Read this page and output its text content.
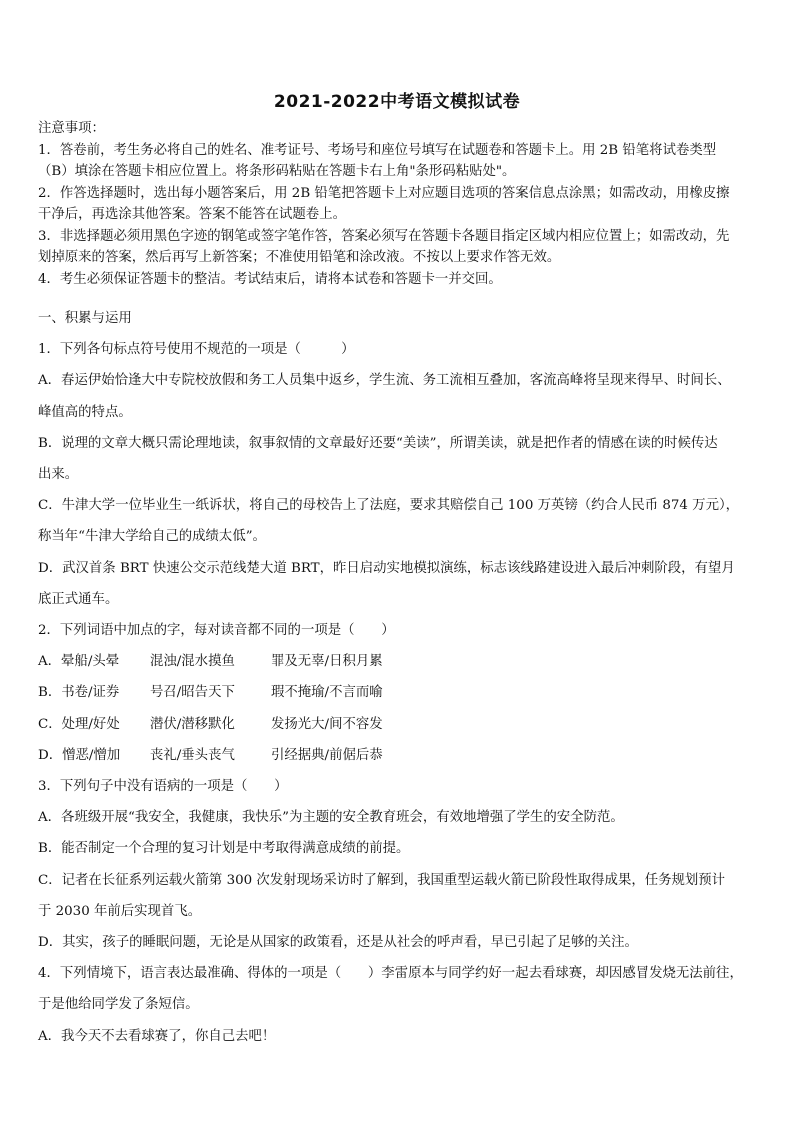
2021-2022中考语文模拟试卷
注意事项：
1．答卷前，考生务必将自己的姓名、准考证号、考场号和座位号填写在试题卷和答题卡上。用 2B 铅笔将试卷类型
（B）填涂在答题卡相应位置上。将条形码粘贴在答题卡右上角"条形码粘贴处"。
2．作答选择题时，选出每小题答案后，用 2B 铅笔把答题卡上对应题目选项的答案信息点涂黑；如需改动，用橡皮擦
干净后，再选涂其他答案。答案不能答在试题卷上。
3．非选择题必须用黑色字迹的钢笔或签字笔作答，答案必须写在答题卡各题目指定区域内相应位置上；如需改动，先
划掉原来的答案，然后再写上新答案；不准使用铅笔和涂改液。不按以上要求作答无效。
4．考生必须保证答题卡的整洁。考试结束后，请将本试卷和答题卡一并交回。
一、积累与运用
1．下列各句标点符号使用不规范的一项是（　　　）
A．春运伊始恰逢大中专院校放假和务工人员集中返乡，学生流、务工流相互叠加，客流高峰将呈现来得早、时间长、
峰值高的特点。
B．说理的文章大概只需论理地读，叙事叙情的文章最好还要“美读”，所谓美读，就是把作者的情感在读的时候传达
出来。
C．牛津大学一位毕业生一纸诉状，将自己的母校告上了法庭，要求其赔偿自己 100 万英镑（约合人民币 874 万元），
称当年“牛津大学给自己的成绩太低”。
D．武汉首条 BRT 快速公交示范线楚大道 BRT，昨日启动实地模拟演练，标志该线路建设进入最后冲刺阶段，有望月
底正式通车。
2．下列词语中加点的字，每对读音都不同的一项是（　　）
A．晕船/头晕	混浊/混水摸鱼	罪及无辜/日积月累
B．书卷/证券	号召/昭告天下	瑕不掩瑜/不言而喻
C．处理/好处	潜伏/潜移默化	发扬光大/间不容发
D．憎恶/憎加	丧礼/垂头丧气	引经据典/前倨后恭
3．下列句子中没有语病的一项是（　　）
A．各班级开展“我安全，我健康，我快乐”为主题的安全教育班会，有效地增强了学生的安全防范。
B．能否制定一个合理的复习计划是中考取得满意成绩的前提。
C．记者在长征系列运载火箭第 300 次发射现场采访时了解到，我国重型运载火箭已阶段性取得成果，任务规划预计
于 2030 年前后实现首飞。
D．其实，孩子的睡眠问题，无论是从国家的政策看，还是从社会的呼声看，早已引起了足够的关注。
4．下列情境下，语言表达最准确、得体的一项是（　　）李雷原本与同学约好一起去看球赛，却因感冒发烧无法前往，
于是他给同学发了条短信。
A．我今天不去看球赛了，你自己去吧！
